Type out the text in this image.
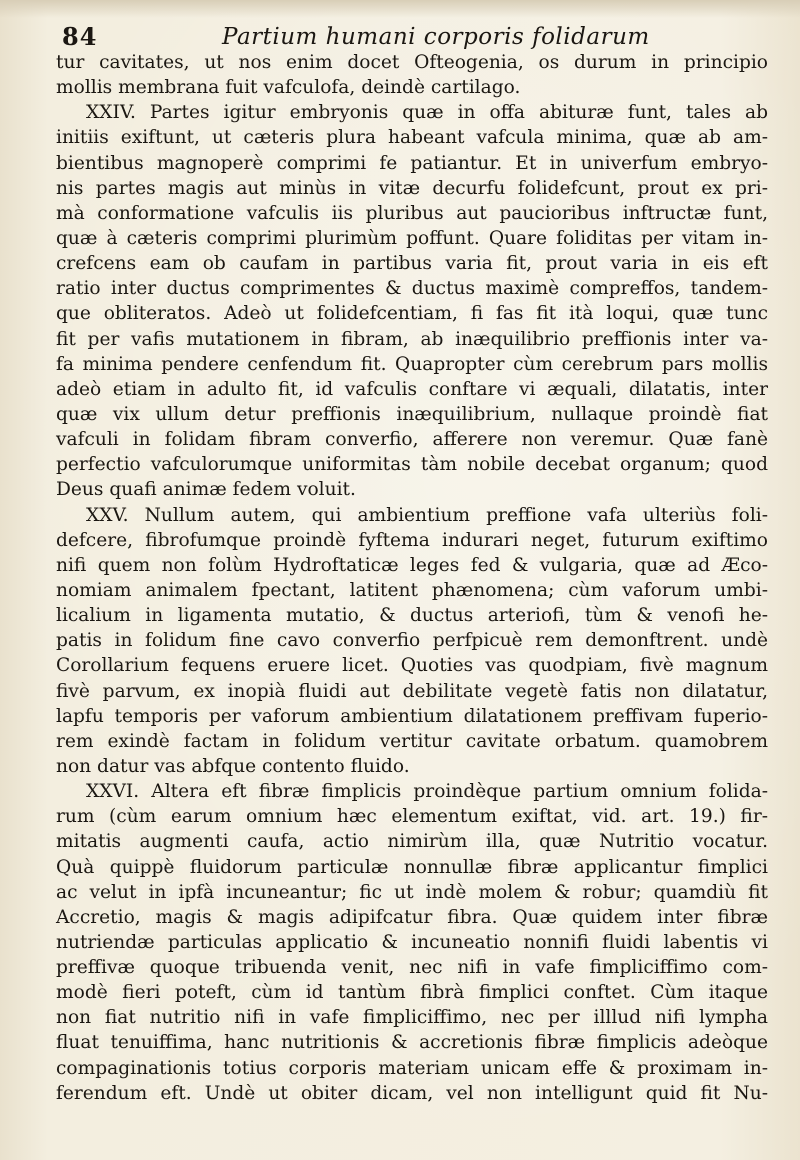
84	Partium humani corporis folidarum
tur cavitates, ut nos enim docet Ofteogenia, os durum in principio
mollis membrana fuit vafculofa, deindè cartilago.
XXIV. Partes igitur embryonis quæ in offa abituræ funt, tales ab
initiis exiftunt, ut cæteris plura habeant vafcula minima, quæ ab am-
bientibus magnoperè comprimi fe patiantur. Et in univerfum embryo-
nis partes magis aut minùs in vitæ decurfu folidefcunt, prout ex pri-
mà conformatione vafculis iis pluribus aut paucioribus inftructæ funt,
quæ à cæteris comprimi plurimùm poffunt. Quare foliditas per vitam in-
crefcens eam ob caufam in partibus varia fit, prout varia in eis eft
ratio inter ductus comprimentes & ductus maximè compreffos, tandem-
que obliteratos. Adeò ut folidefcentiam, fi fas fit ità loqui, quæ tunc
fit per vafis mutationem in fibram, ab inæquilibrio preffionis inter va-
fa minima pendere cenfendum fit. Quapropter cùm cerebrum pars mollis
adeò etiam in adulto fit, id vafculis conftare vi æquali, dilatatis, inter
quæ vix ullum detur preffionis inæquilibrium, nullaque proindè fiat
vafculi in folidam fibram converfio, afferere non veremur. Quæ fanè
perfectio vafculorumque uniformitas tàm nobile decebat organum; quod
Deus quafi animæ fedem voluit.
XXV. Nullum autem, qui ambientium preffione vafa ulteriùs foli-
defcere, fibrofumque proindè fyftema indurari neget, futurum exiftimo
nifi quem non folùm Hydroftaticæ leges fed & vulgaria, quæ ad Æco-
nomiam animalem fpectant, latitent phænomena; cùm vaforum umbi-
licalium in ligamenta mutatio, & ductus arteriofi, tùm & venofi he-
patis in folidum fine cavo converfio perfpicuè rem demonftrent. undè
Corollarium fequens eruere licet. Quoties vas quodpiam, fivè magnum
fivè parvum, ex inopià fluidi aut debilitate vegetè fatis non dilatatur,
lapfu temporis per vaforum ambientium dilatationem preffivam fuperio-
rem exindè factam in folidum vertitur cavitate orbatum. quamobrem
non datur vas abfque contento fluido.
XXVI. Altera eft fibræ fimplicis proindèque partium omnium folida-
rum (cùm earum omnium hæc elementum exiftat, vid. art. 19.) fir-
mitatis augmenti caufa, actio nimirùm illa, quæ Nutritio vocatur.
Quà quippè fluidorum particulæ nonnullæ fibræ applicantur fimplici
ac velut in ipfà incuneantur; fic ut indè molem & robur; quamdiù fit
Accretio, magis & magis adipifcatur fibra. Quæ quidem inter fibræ
nutriendæ particulas applicatio & incuneatio nonnifi fluidi labentis vi
preffivæ quoque tribuenda venit, nec nifi in vafe fimpliciffimo com-
modè fieri poteft, cùm id tantùm fibrà fimplici conftet. Cùm itaque
non fiat nutritio nifi in vafe fimpliciffimo, nec per illlud nifi lympha
fluat tenuiffima, hanc nutritionis & accretionis fibræ fimplicis adeòque
compaginationis totius corporis materiam unicam effe & proximam in-
ferendum eft. Undè ut obiter dicam, vel non intelligunt quid fit Nu-
